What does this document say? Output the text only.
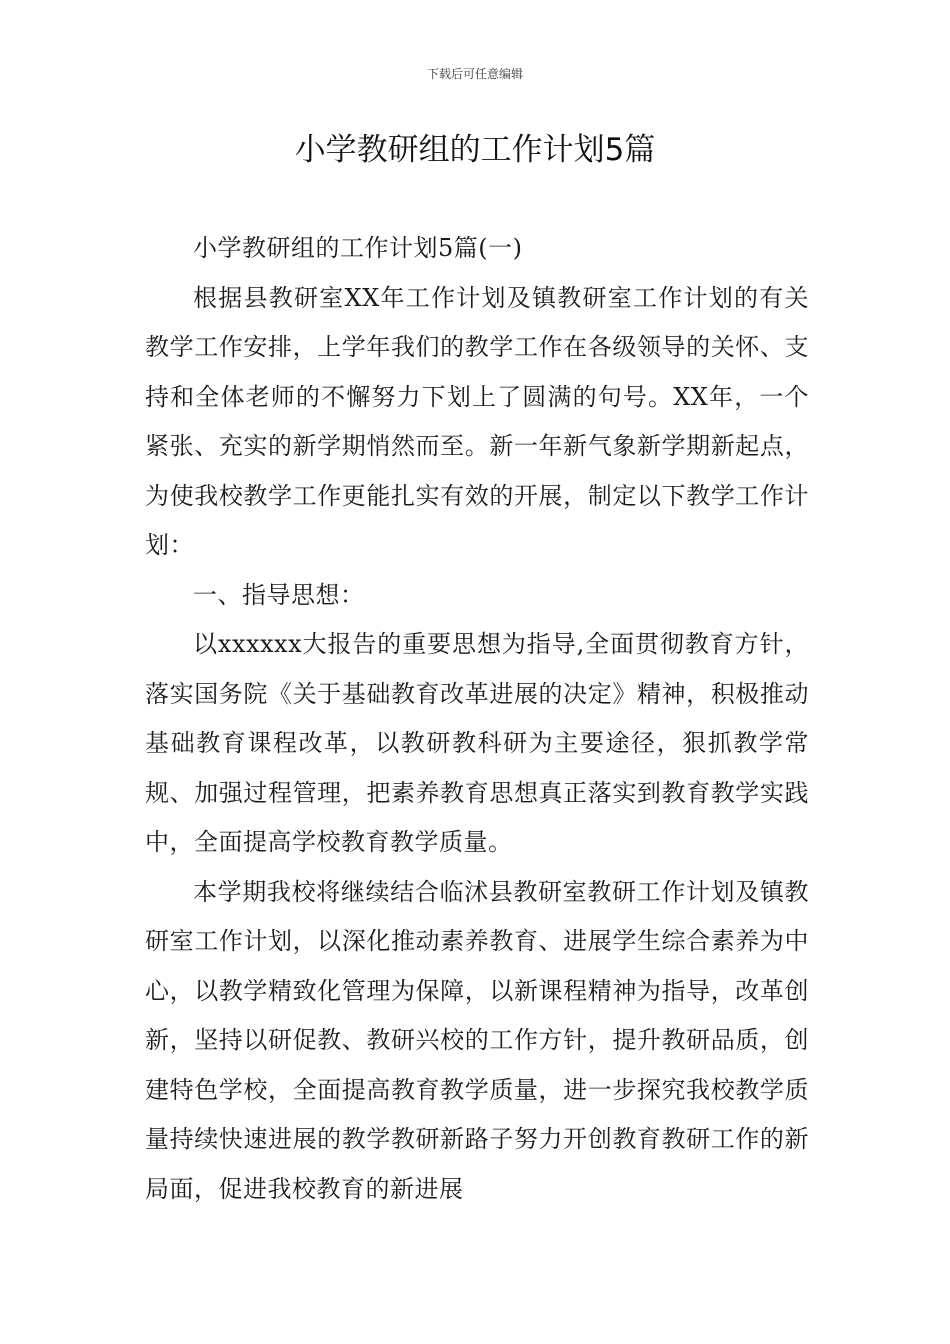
下载后可任意编辑
小学教研组的工作计划5篇

小学教研组的工作计划5篇(一)

根据县教研室XX年工作计划及镇教研室工作计划的有关教学工作安排，上学年我们的教学工作在各级领导的关怀、支持和全体老师的不懈努力下划上了圆满的句号。XX年，一个紧张、充实的新学期悄然而至。新一年新气象新学期新起点，为使我校教学工作更能扎实有效的开展，制定以下教学工作计划：

一、指导思想：

以xxxxxx大报告的重要思想为指导,全面贯彻教育方针，落实国务院《关于基础教育改革进展的决定》精神，积极推动基础教育课程改革，以教研教科研为主要途径，狠抓教学常规、加强过程管理，把素养教育思想真正落实到教育教学实践中，全面提高学校教育教学质量。

本学期我校将继续结合临沭县教研室教研工作计划及镇教研室工作计划，以深化推动素养教育、进展学生综合素养为中心，以教学精致化管理为保障，以新课程精神为指导，改革创新，坚持以研促教、教研兴校的工作方针，提升教研品质，创建特色学校，全面提高教育教学质量，进一步探究我校教学质量持续快速进展的教学教研新路子努力开创教育教研工作的新局面，促进我校教育的新进展
